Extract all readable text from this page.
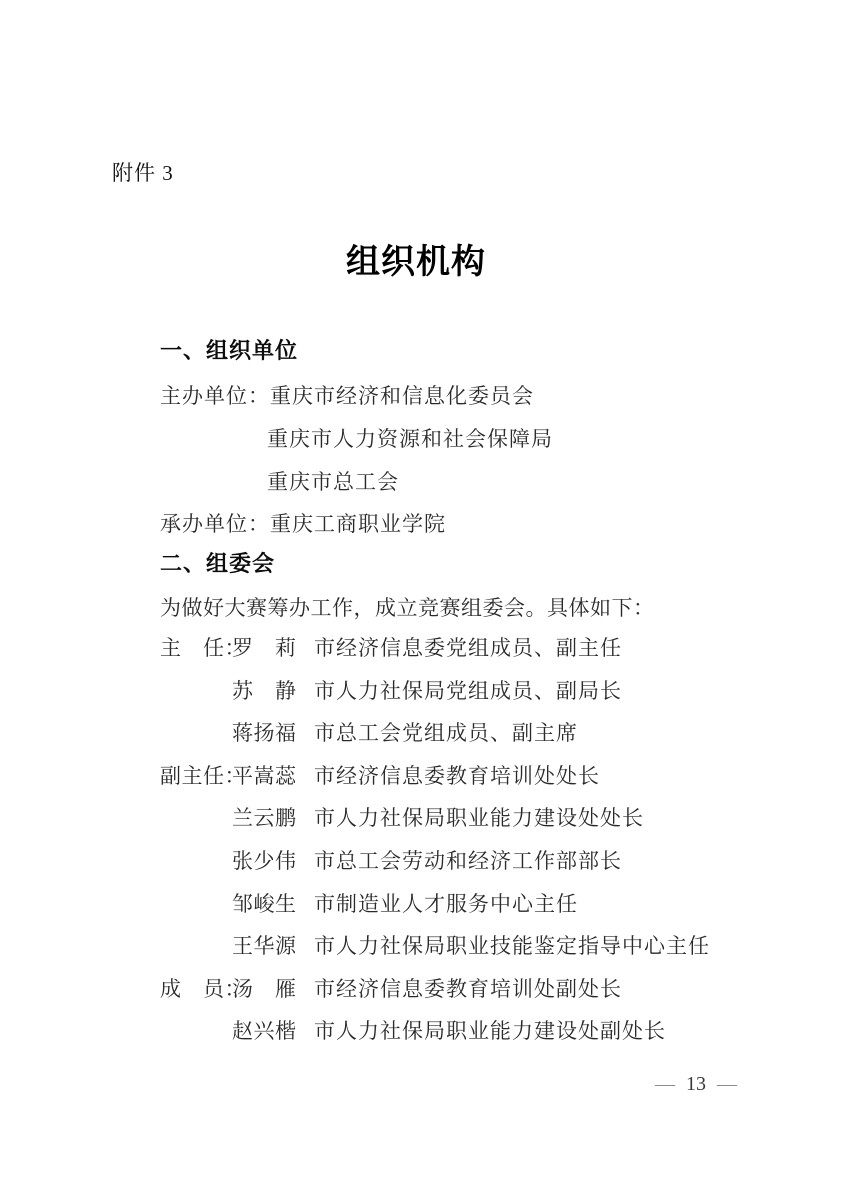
附件 3
组织机构
一、组织单位
主办单位：重庆市经济和信息化委员会
重庆市人力资源和社会保障局
重庆市总工会
承办单位：重庆工商职业学院
二、组委会
为做好大赛筹办工作，成立竞赛组委会。具体如下：
主　任：
罗　莉 市经济信息委党组成员、副主任
苏　静 市人力社保局党组成员、副局长
蒋扬福 市总工会党组成员、副主席
副主任：
平嵩蕊 市经济信息委教育培训处处长
兰云鹏 市人力社保局职业能力建设处处长
张少伟 市总工会劳动和经济工作部部长
邹峻生 市制造业人才服务中心主任
王华源 市人力社保局职业技能鉴定指导中心主任
成　员：
汤　雁 市经济信息委教育培训处副处长
赵兴楷 市人力社保局职业能力建设处副处长
— 13 —
